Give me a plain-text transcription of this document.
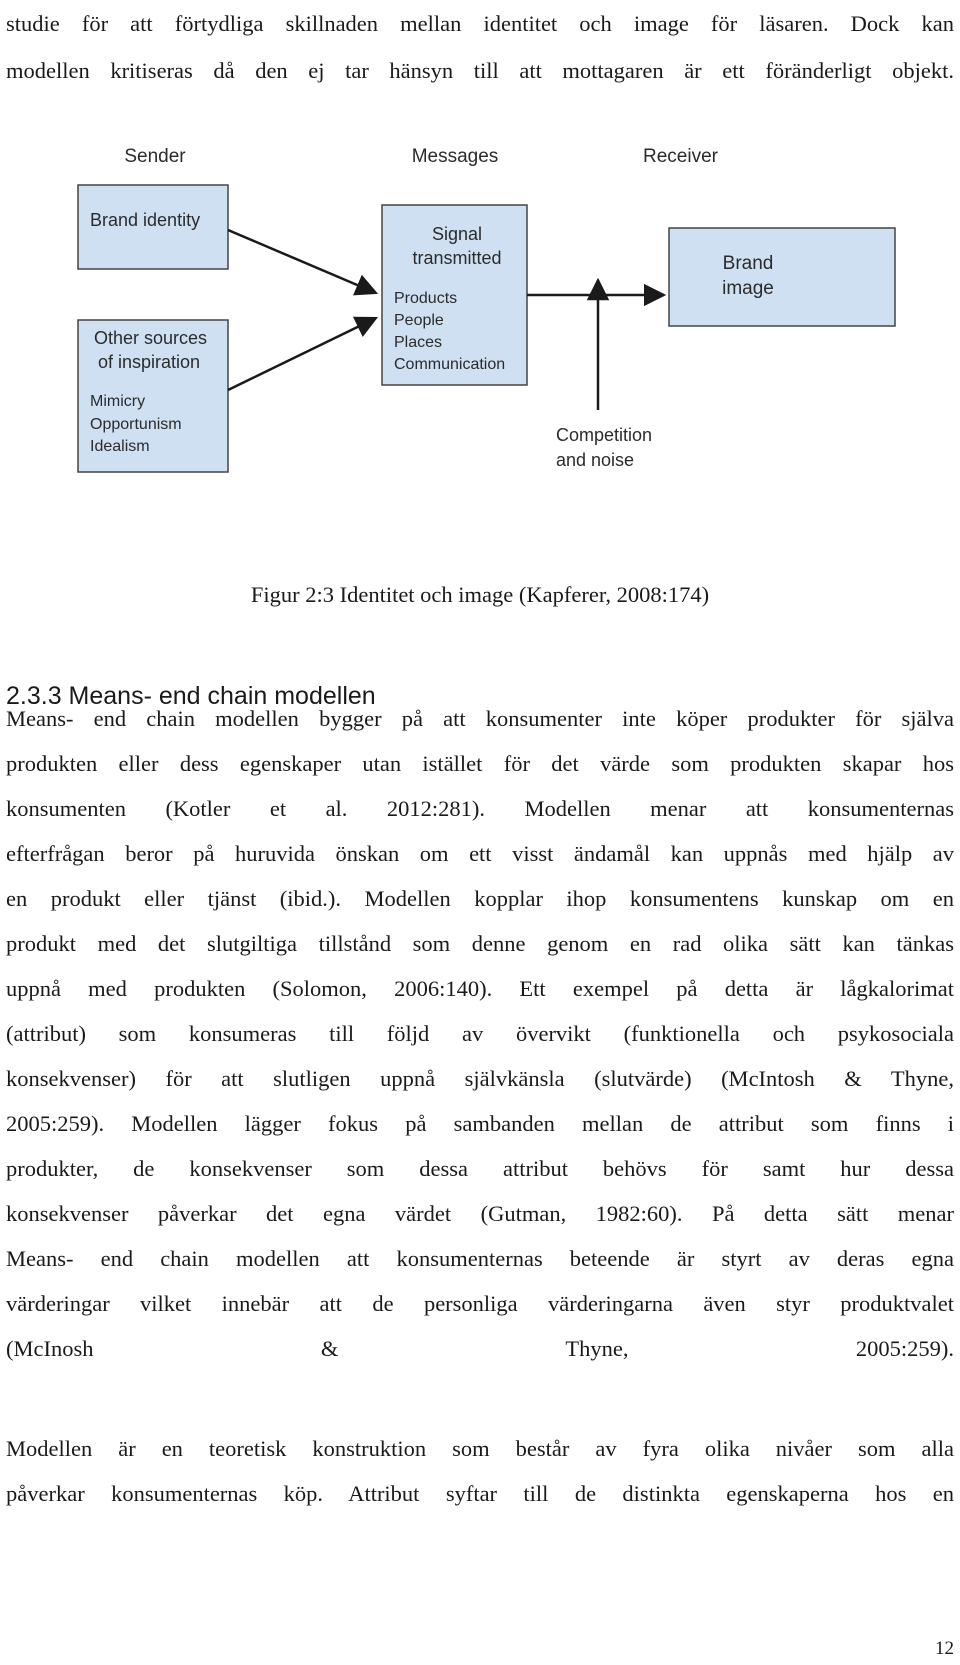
studie för att förtydliga skillnaden mellan identitet och image för läsaren. Dock kan
modellen kritiseras då den ej tar hänsyn till att mottagaren är ett föränderligt objekt.
Sender	Messages	Receiver
Brand identity
Other sources
of inspiration
Mimicry
Opportunism
Idealism
Signal
transmitted
Products
People
Places
Communication
Competition
and noise
Brand
image
Figur 2:3 Identitet och image (Kapferer, 2008:174)
2.3.3 Means- end chain modellen
Means- end chain modellen bygger på att konsumenter inte köper produkter för själva
produkten eller dess egenskaper utan istället för det värde som produkten skapar hos
konsumenten (Kotler et al. 2012:281). Modellen menar att konsumenternas
efterfrågan beror på huruvida önskan om ett visst ändamål kan uppnås med hjälp av
en produkt eller tjänst (ibid.). Modellen kopplar ihop konsumentens kunskap om en
produkt med det slutgiltiga tillstånd som denne genom en rad olika sätt kan tänkas
uppnå med produkten (Solomon, 2006:140). Ett exempel på detta är lågkalorimat
(attribut) som konsumeras till följd av övervikt (funktionella och psykosociala
konsekvenser) för att slutligen uppnå självkänsla (slutvärde) (McIntosh & Thyne,
2005:259). Modellen lägger fokus på sambanden mellan de attribut som finns i
produkter, de konsekvenser som dessa attribut behövs för samt hur dessa
konsekvenser påverkar det egna värdet (Gutman, 1982:60). På detta sätt menar
Means- end chain modellen att konsumenternas beteende är styrt av deras egna
värderingar vilket innebär att de personliga värderingarna även styr produktvalet
(McInosh & Thyne, 2005:259).
Modellen är en teoretisk konstruktion som består av fyra olika nivåer som alla
påverkar konsumenternas köp. Attribut syftar till de distinkta egenskaperna hos en
12
